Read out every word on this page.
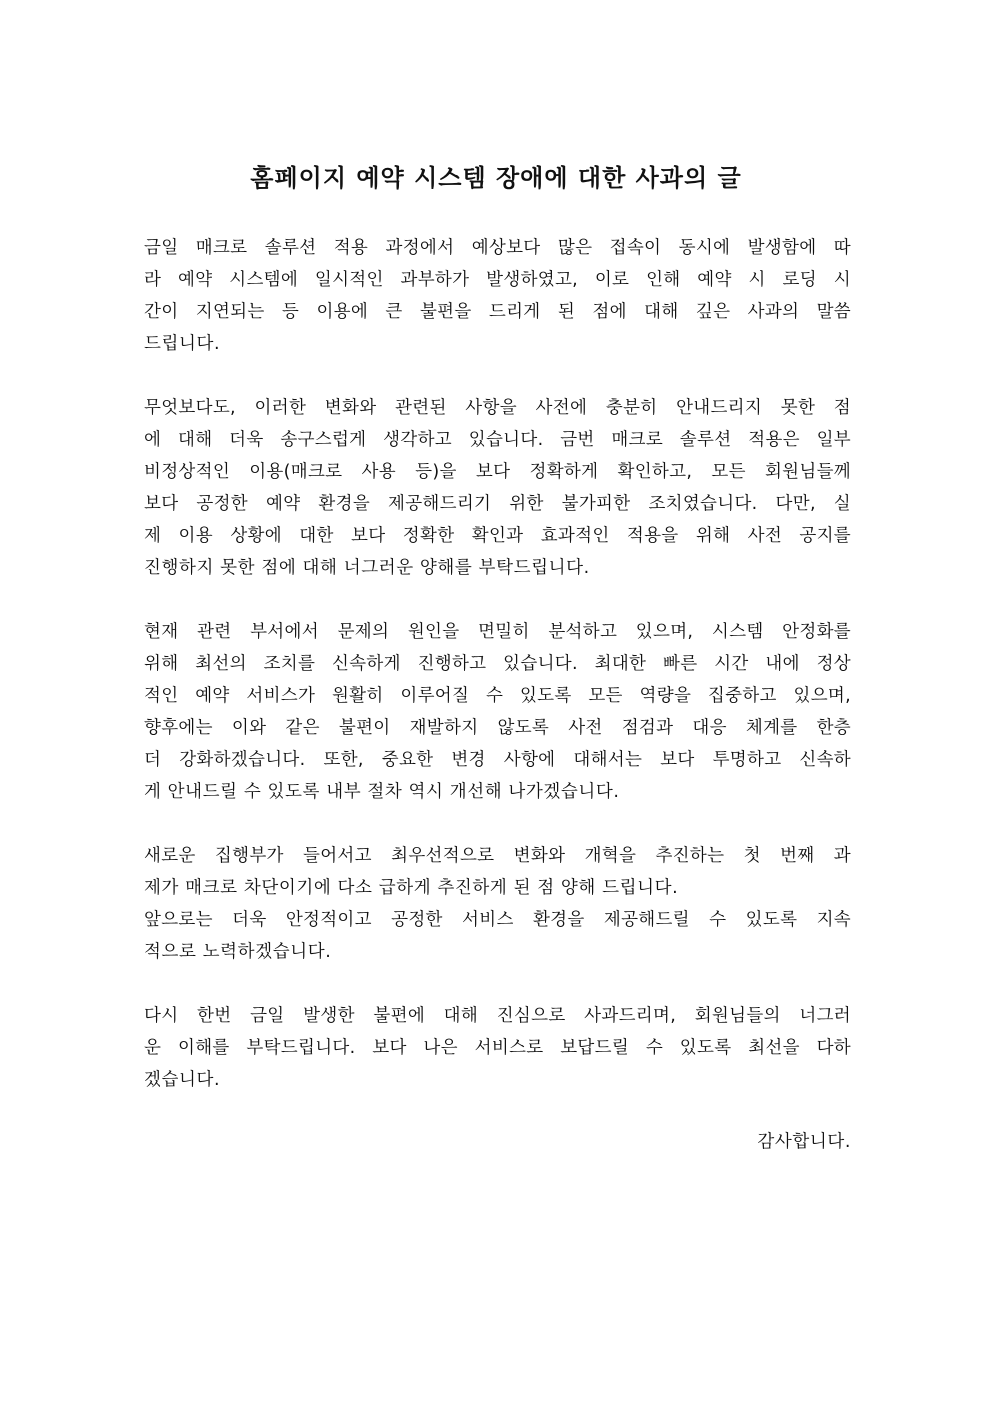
홈페이지 예약 시스템 장애에 대한 사과의 글

금일 매크로 솔루션 적용 과정에서 예상보다 많은 접속이 동시에 발생함에 따
라 예약 시스템에 일시적인 과부하가 발생하였고, 이로 인해 예약 시 로딩 시
간이 지연되는 등 이용에 큰 불편을 드리게 된 점에 대해 깊은 사과의 말씀
드립니다.

무엇보다도, 이러한 변화와 관련된 사항을 사전에 충분히 안내드리지 못한 점
에 대해 더욱 송구스럽게 생각하고 있습니다. 금번 매크로 솔루션 적용은 일부
비정상적인 이용(매크로 사용 등)을 보다 정확하게 확인하고, 모든 회원님들께
보다 공정한 예약 환경을 제공해드리기 위한 불가피한 조치였습니다. 다만, 실
제 이용 상황에 대한 보다 정확한 확인과 효과적인 적용을 위해 사전 공지를
진행하지 못한 점에 대해 너그러운 양해를 부탁드립니다.

현재 관련 부서에서 문제의 원인을 면밀히 분석하고 있으며, 시스템 안정화를
위해 최선의 조치를 신속하게 진행하고 있습니다. 최대한 빠른 시간 내에 정상
적인 예약 서비스가 원활히 이루어질 수 있도록 모든 역량을 집중하고 있으며,
향후에는 이와 같은 불편이 재발하지 않도록 사전 점검과 대응 체계를 한층
더 강화하겠습니다. 또한, 중요한 변경 사항에 대해서는 보다 투명하고 신속하
게 안내드릴 수 있도록 내부 절차 역시 개선해 나가겠습니다.

새로운 집행부가 들어서고 최우선적으로 변화와 개혁을 추진하는 첫 번째 과
제가 매크로 차단이기에 다소 급하게 추진하게 된 점 양해 드립니다.
앞으로는 더욱 안정적이고 공정한 서비스 환경을 제공해드릴 수 있도록 지속
적으로 노력하겠습니다.

다시 한번 금일 발생한 불편에 대해 진심으로 사과드리며, 회원님들의 너그러
운 이해를 부탁드립니다. 보다 나은 서비스로 보답드릴 수 있도록 최선을 다하
겠습니다.

감사합니다.
